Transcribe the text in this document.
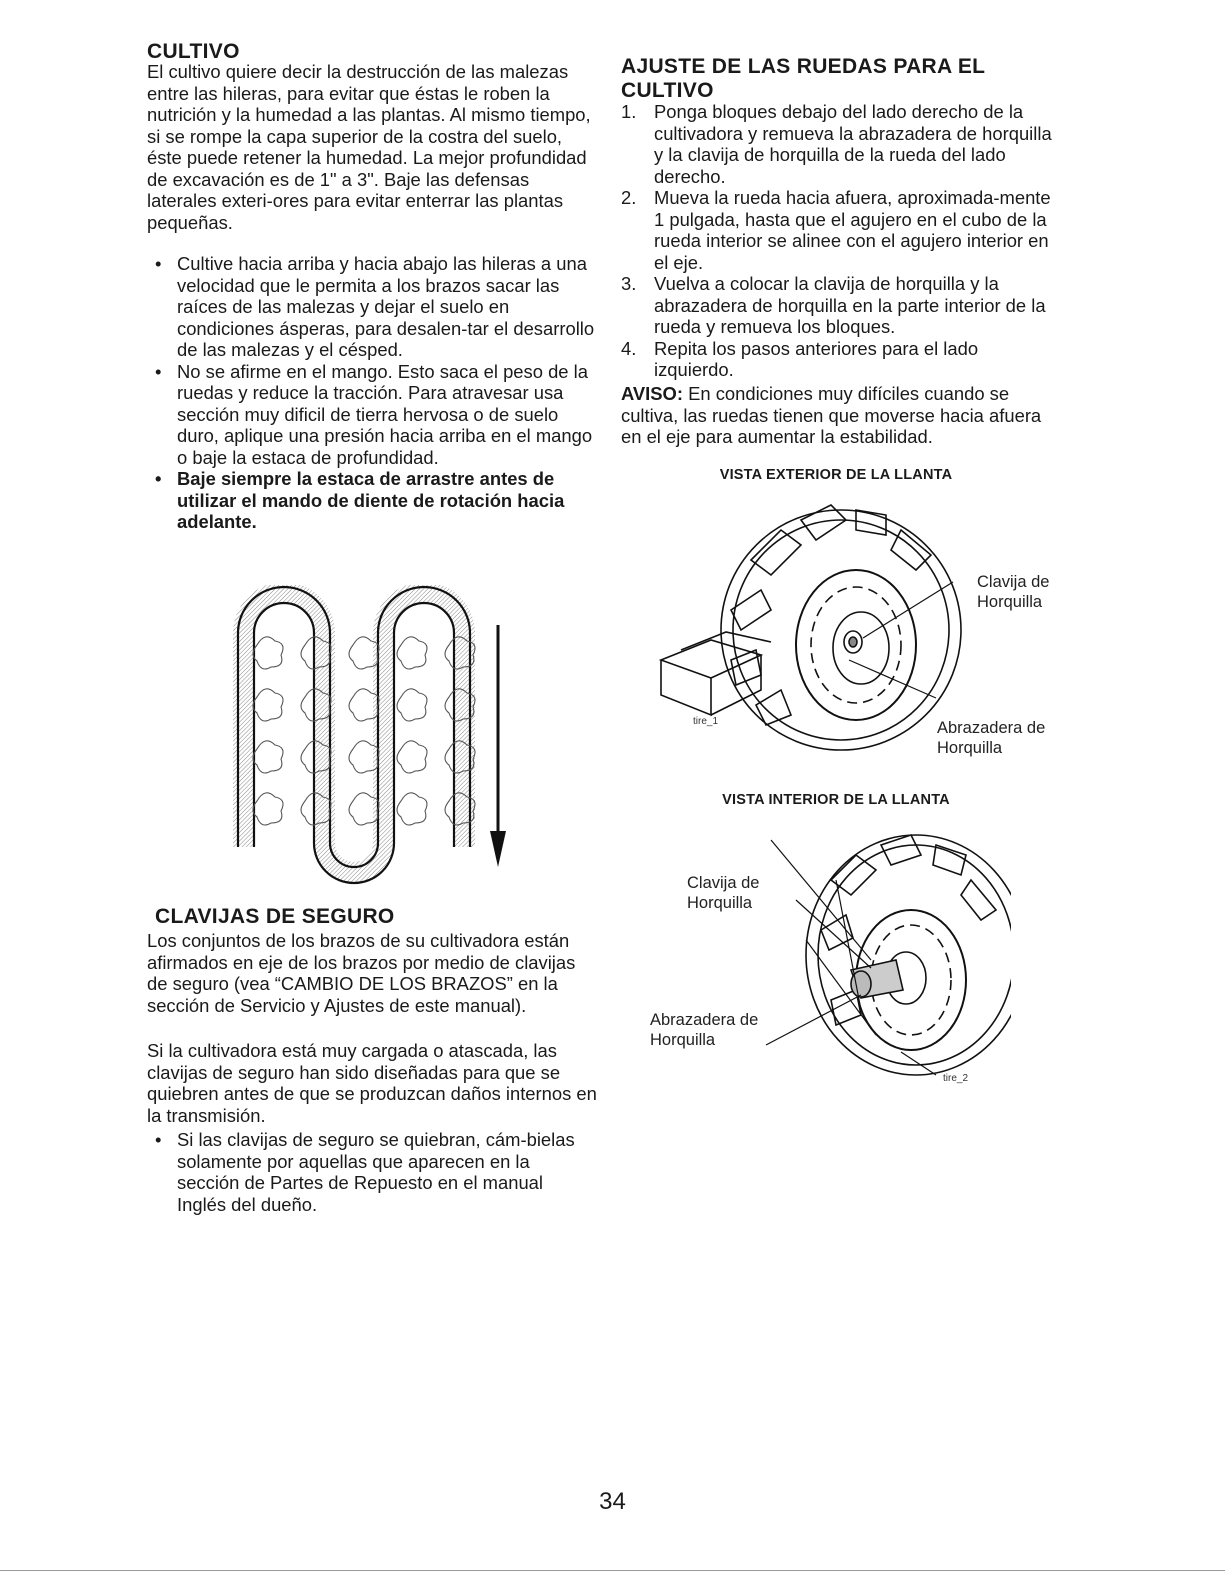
CULTIVO

El cultivo quiere decir la destrucción de las malezas entre las hileras, para evitar que éstas le roben la nutrición y la humedad a las plantas. Al mismo tiempo, si se rompe la capa superior de la costra del suelo, éste puede retener la humedad. La mejor profundidad de excavación es de 1" a 3". Baje las defensas laterales exteri-ores para evitar enterrar las plantas pequeñas.

• Cultive hacia arriba y hacia abajo las hileras a una velocidad que le permita a los brazos sacar las raíces de las malezas y dejar el suelo en condiciones ásperas, para desalen-tar el desarrollo de las malezas y el césped.
• No se afirme en el mango. Esto saca el peso de la ruedas y reduce la tracción. Para atravesar usa sección muy dificil de tierra hervosa o de suelo duro, aplique una presión hacia arriba en el mango o baje la estaca de profundidad.
• Baje siempre la estaca de arrastre antes de utilizar el mando de diente de rotación hacia adelante.
CLAVIJAS DE SEGURO

Los conjuntos de los brazos de su cultivadora están afirmados en eje de los brazos por medio de clavijas de seguro (vea “CAMBIO DE LOS BRAZOS” en la sección de Servicio y Ajustes de este manual).

Si la cultivadora está muy cargada o atascada, las clavijas de seguro han sido diseñadas para que se quiebren antes de que se produzcan daños internos en la transmisión.

• Si las clavijas de seguro se quiebran, cám-bielas solamente por aquellas que aparecen en la sección de Partes de Repuesto en el manual Inglés del dueño.
AJUSTE DE LAS RUEDAS PARA EL CULTIVO
1. Ponga bloques debajo del lado derecho de la cultivadora y remueva la abrazadera de horquilla y la clavija de horquilla de la rueda del lado derecho.
2. Mueva la rueda hacia afuera, aproximada-mente 1 pulgada, hasta que el agujero en el cubo de la rueda interior se alinee con el agujero interior en el eje.
3. Vuelva a colocar la clavija de horquilla y la abrazadera de horquilla en la parte interior de la rueda y remueva los bloques.
4. Repita los pasos anteriores para el lado izquierdo.

AVISO: En condiciones muy difíciles cuando se cultiva, las ruedas tienen que moverse hacia afuera en el eje para aumentar la estabilidad.

VISTA EXTERIOR DE LA LLANTA
Clavija de
Horquilla
Abrazadera de
Horquilla
tire_1
VISTA INTERIOR DE LA LLANTA
Clavija de
Horquilla
Abrazadera de
Horquilla
tire_2
34
